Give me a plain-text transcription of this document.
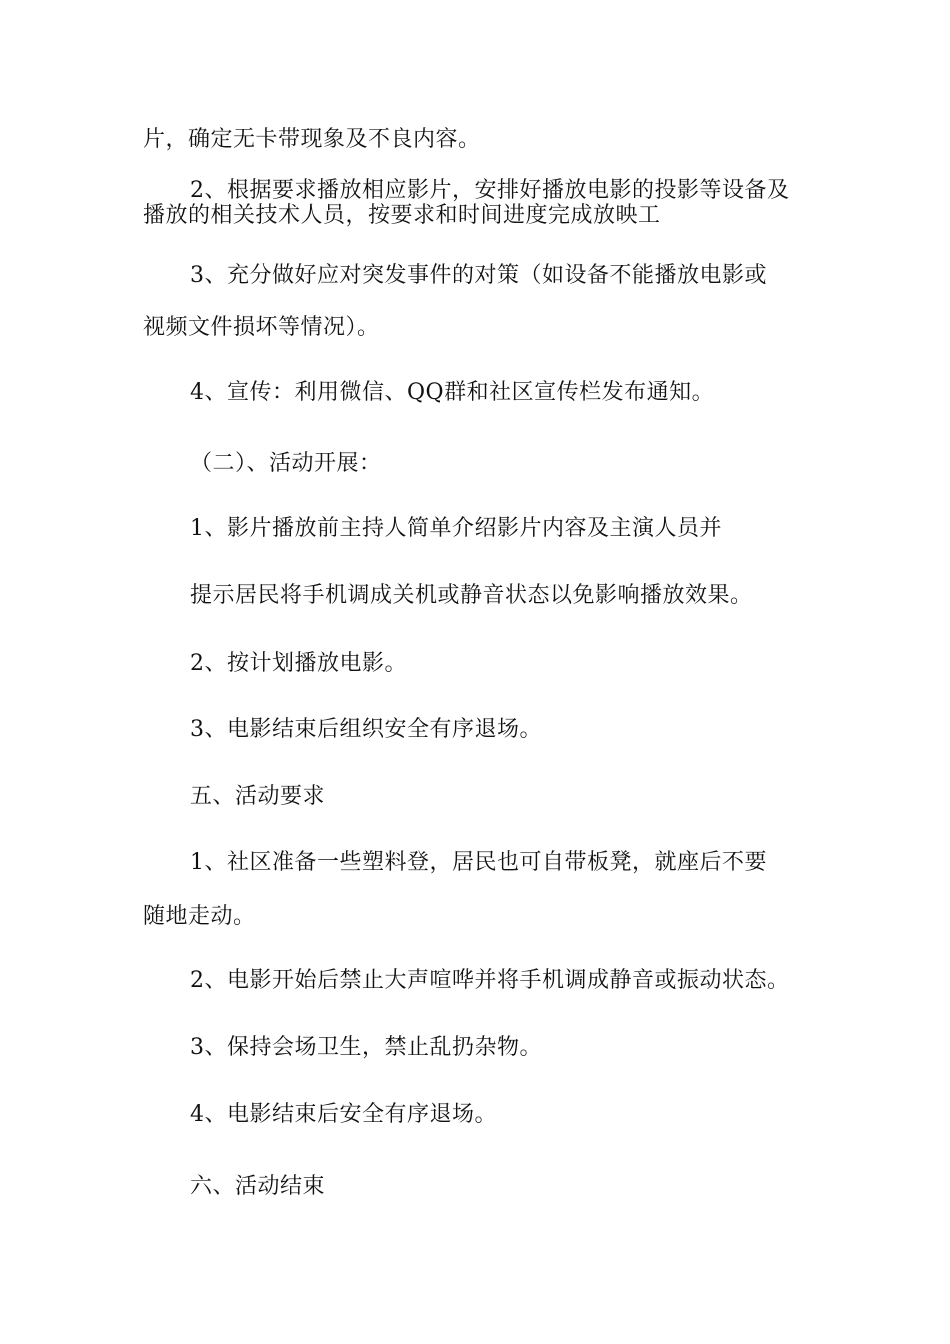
片，确定无卡带现象及不良内容。
2、根据要求播放相应影片，安排好播放电影的投影等设备及
播放的相关技术人员，按要求和时间进度完成放映工
3、充分做好应对突发事件的对策（如设备不能播放电影或
视频文件损坏等情况）。
4、宣传：利用微信、QQ群和社区宣传栏发布通知。
（二）、活动开展：
1、影片播放前主持人简单介绍影片内容及主演人员并
提示居民将手机调成关机或静音状态以免影响播放效果。
2、按计划播放电影。
3、电影结束后组织安全有序退场。
五、活动要求
1、社区准备一些塑料登，居民也可自带板凳，就座后不要
随地走动。
2、电影开始后禁止大声喧哗并将手机调成静音或振动状态。
3、保持会场卫生，禁止乱扔杂物。
4、电影结束后安全有序退场。
六、活动结束
